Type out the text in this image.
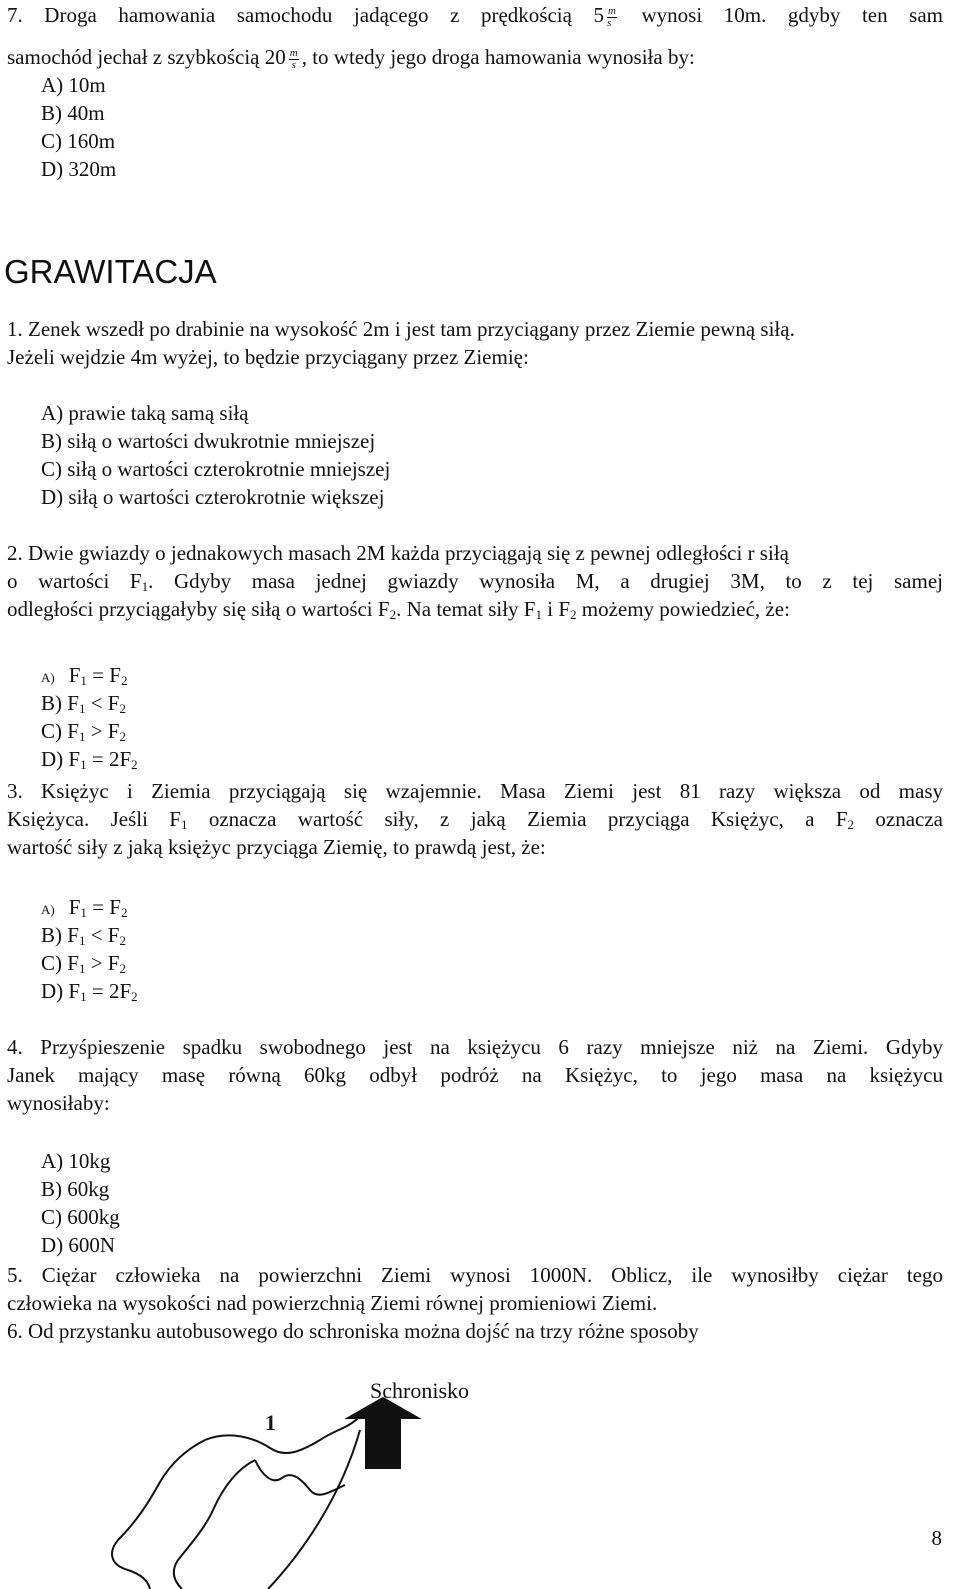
7. Droga hamowania samochodu jadącego z prędkością $5 \frac{m}{s}$ wynosi 10m. gdyby ten sam
samochód jechał z szybkością $20 \frac{m}{s}$ , to wtedy jego droga hamowania wynosiła by:
A) 10m
B) 40m
C) 160m
D) 320m
GRAWITACJA
1. Zenek wszedł po drabinie na wysokość 2m i jest tam przyciągany przez Ziemie pewną siłą.
Jeżeli wejdzie 4m wyżej, to będzie przyciągany przez Ziemię:
A) prawie taką samą siłą
B) siłą o wartości dwukrotnie mniejszej
C) siłą o wartości czterokrotnie mniejszej
D) siłą o wartości czterokrotnie większej
2. Dwie gwiazdy o jednakowych masach 2M każda przyciągają się z pewnej odległości r siłą
o wartości $F_1$. Gdyby masa jednej gwiazdy wynosiła M, a drugiej 3M, to z tej samej
odległości przyciągałyby się siłą o wartości $F_2$. Na temat siły $F_1$ i $F_2$ możemy powiedzieć, że:
A) $F_1 = F_2$
B) $F_1 < F_2$
C) $F_1 > F_2$
D) $F_1 = 2F_2$
3. Księżyc i Ziemia przyciągają się wzajemnie. Masa Ziemi jest 81 razy większa od masy
Księżyca. Jeśli $F_1$ oznacza wartość siły, z jaką Ziemia przyciąga Księżyc, a $F_2$ oznacza
wartość siły z jaką księżyc przyciąga Ziemię, to prawdą jest, że:
A) $F_1 = F_2$
B) $F_1 < F_2$
C) $F_1 > F_2$
D) $F_1 = 2F_2$
4. Przyśpieszenie spadku swobodnego jest na księżycu 6 razy mniejsze niż na Ziemi. Gdyby
Janek mający masę równą 60kg odbył podróż na Księżyc, to jego masa na księżycu
wynosiłaby:
A) 10kg
B) 60kg
C) 600kg
D) 600N
5. Ciężar człowieka na powierzchni Ziemi wynosi 1000N. Oblicz, ile wynosiłby ciężar tego
człowieka na wysokości nad powierzchnią Ziemi równej promieniowi Ziemi.
6. Od przystanku autobusowego do schroniska można dojść na trzy różne sposoby
Schronisko
1
8
